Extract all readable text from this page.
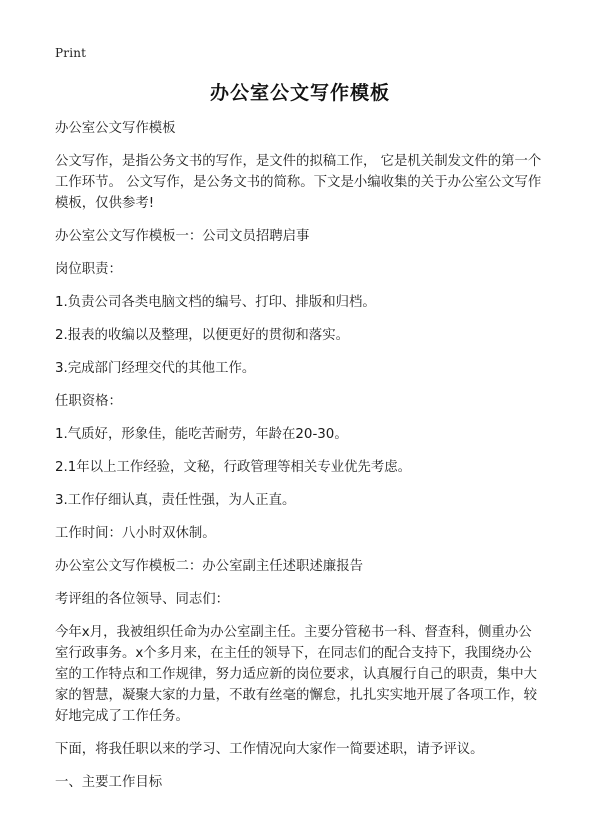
Print
办公室公文写作模板

办公室公文写作模板

公文写作，是指公务文书的写作，是文件的拟稿工作， 它是机关制发文件的第一个工作环节。 公文写作，是公务文书的简称。下文是小编收集的关于办公室公文写作模板，仅供参考!

办公室公文写作模板一：公司文员招聘启事

岗位职责：

1.负责公司各类电脑文档的编号、打印、排版和归档。

2.报表的收编以及整理，以便更好的贯彻和落实。

3.完成部门经理交代的其他工作。

任职资格：

1.气质好，形象佳，能吃苦耐劳，年龄在20-30。

2.1年以上工作经验，文秘，行政管理等相关专业优先考虑。

3.工作仔细认真，责任性强，为人正直。

工作时间：八小时双休制。

办公室公文写作模板二：办公室副主任述职述廉报告

考评组的各位领导、同志们：

今年x月，我被组织任命为办公室副主任。主要分管秘书一科、督查科，侧重办公室行政事务。x个多月来，在主任的领导下，在同志们的配合支持下，我围绕办公室的工作特点和工作规律，努力适应新的岗位要求，认真履行自己的职责，集中大家的智慧，凝聚大家的力量，不敢有丝毫的懈怠，扎扎实实地开展了各项工作，较好地完成了工作任务。

下面，将我任职以来的学习、工作情况向大家作一简要述职，请予评议。

一、主要工作目标
